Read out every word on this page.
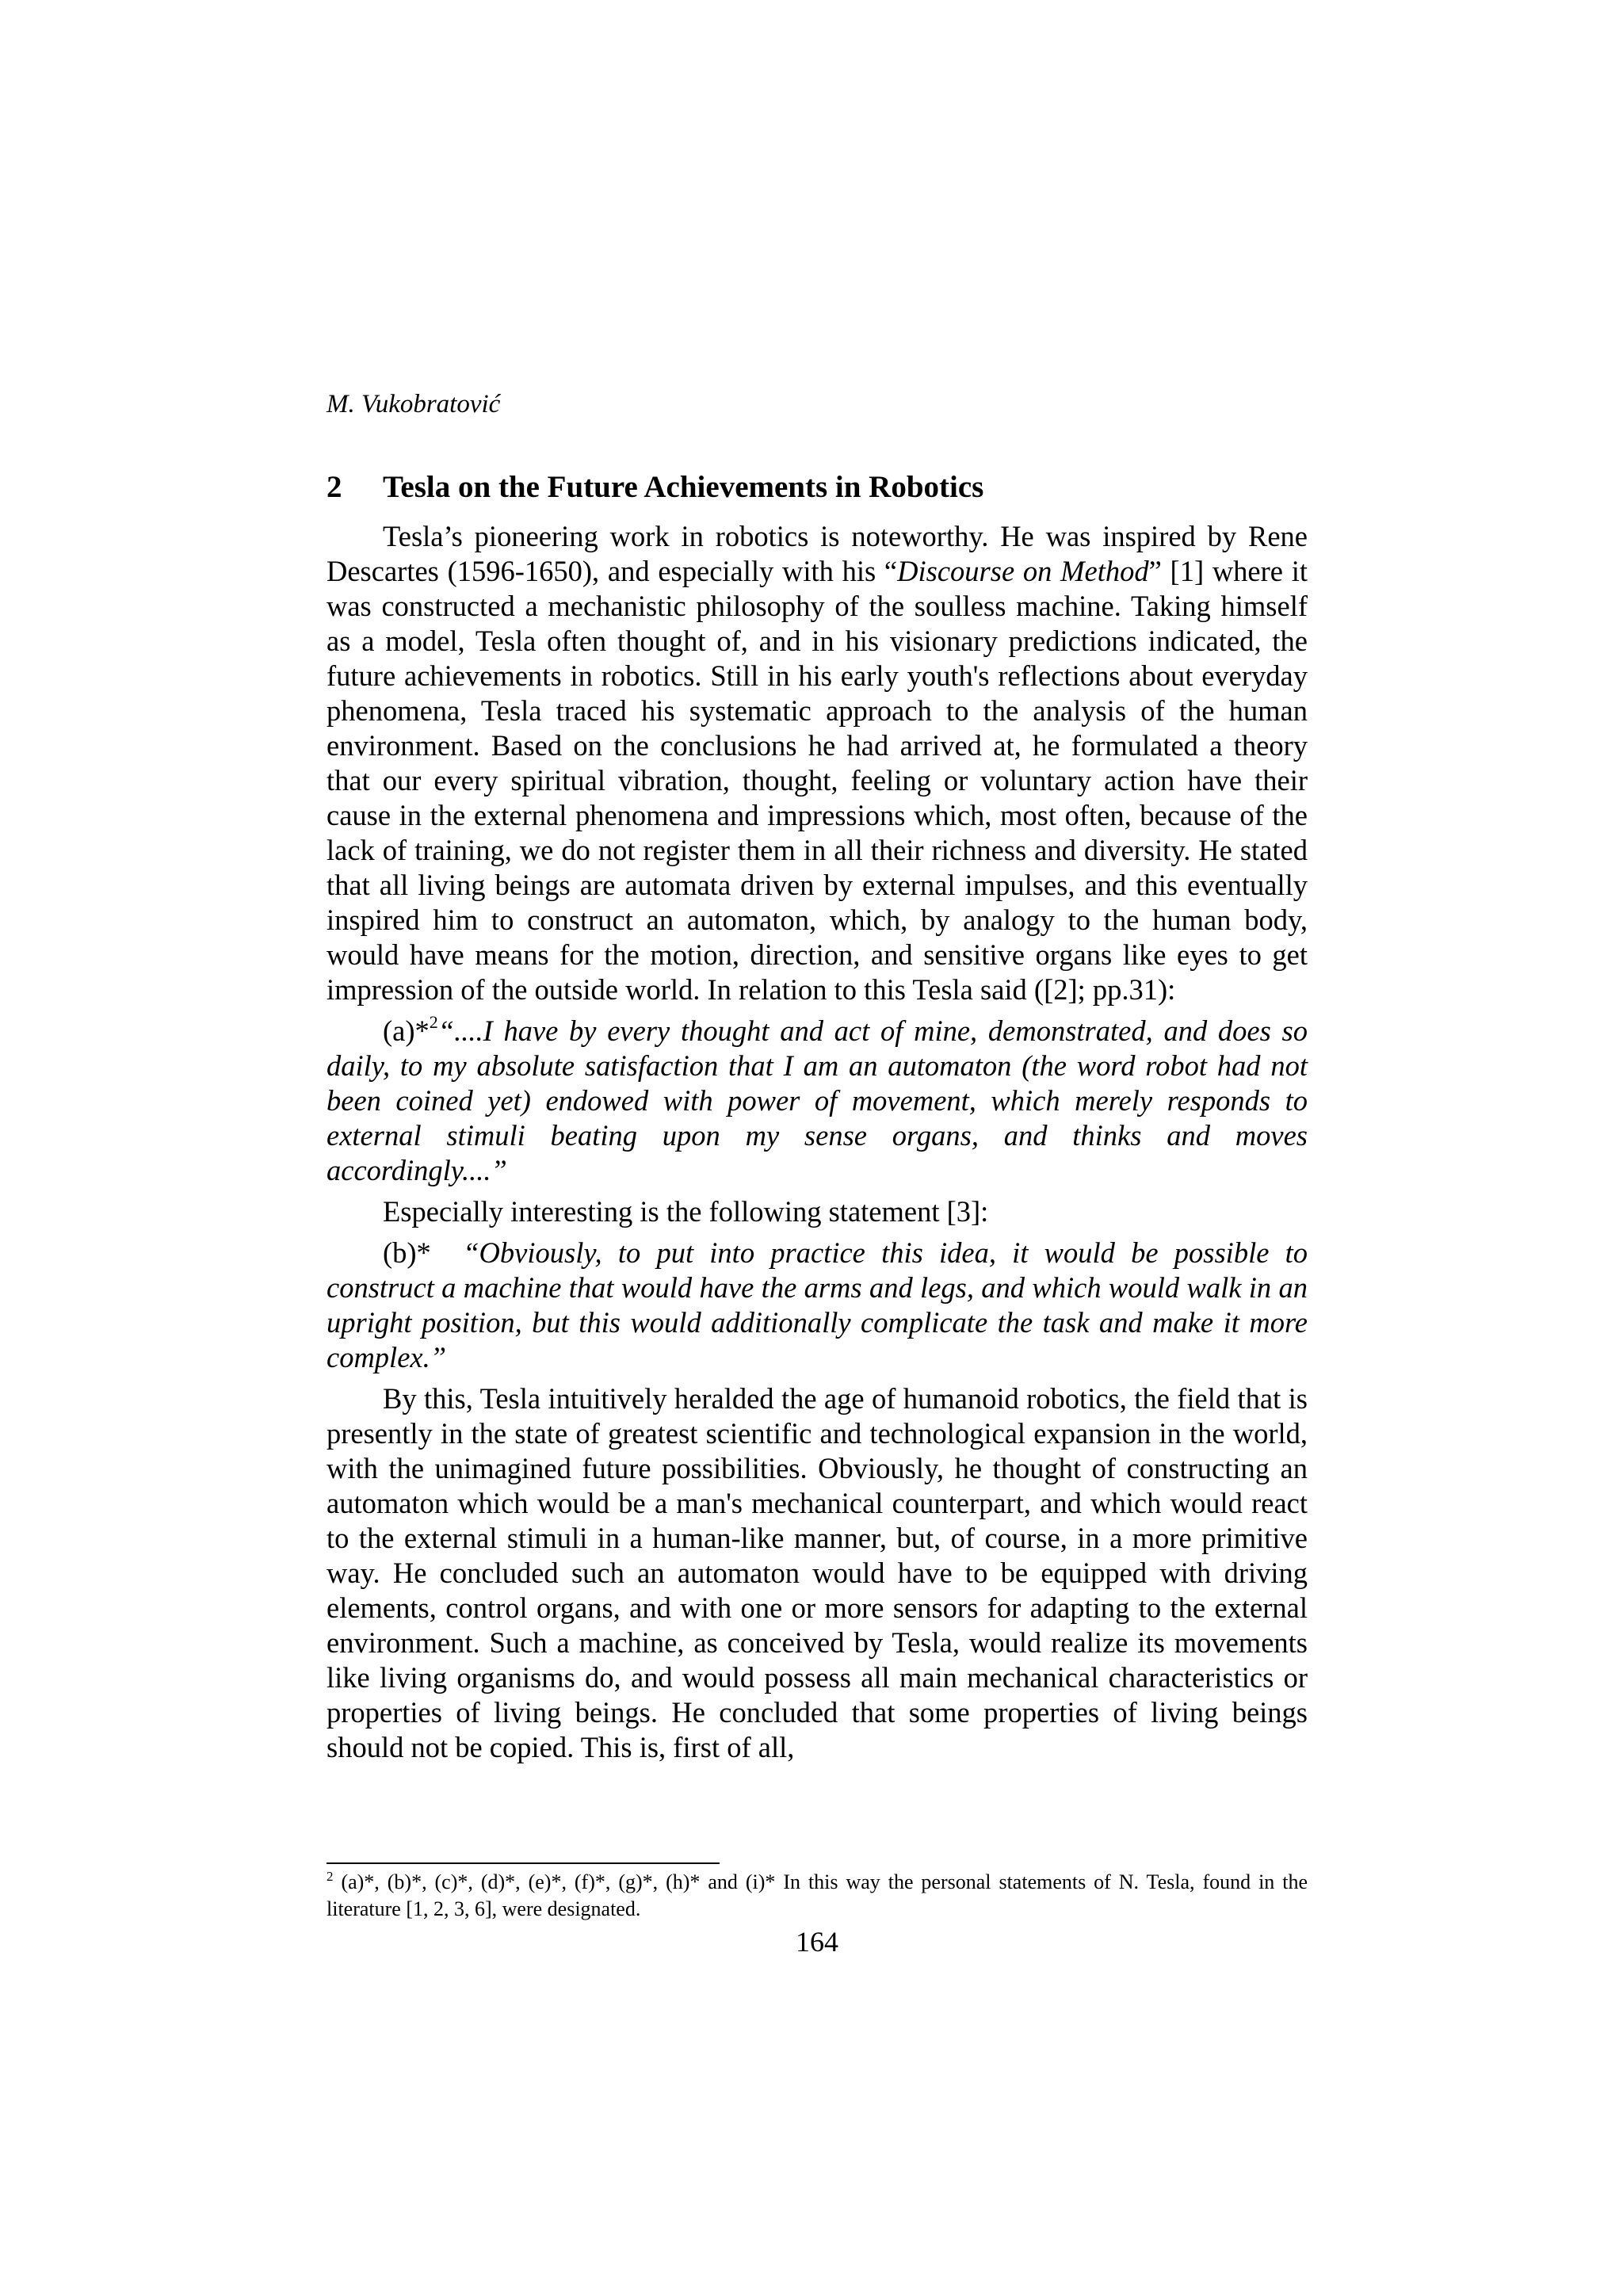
M. Vukobratović
2 Tesla on the Future Achievements in Robotics

Tesla’s pioneering work in robotics is noteworthy. He was inspired by Rene Descartes (1596-1650), and especially with his “Discourse on Method” [1] where it was constructed a mechanistic philosophy of the soulless machine. Taking himself as a model, Tesla often thought of, and in his visionary predictions indicated, the future achievements in robotics. Still in his early youth's reflections about everyday phenomena, Tesla traced his systematic approach to the analysis of the human environment. Based on the conclusions he had arrived at, he formulated a theory that our every spiritual vibration, thought, feeling or voluntary action have their cause in the external phenomena and impressions which, most often, because of the lack of training, we do not register them in all their richness and diversity. He stated that all living beings are automata driven by external impulses, and this eventually inspired him to construct an automaton, which, by analogy to the human body, would have means for the motion, direction, and sensitive organs like eyes to get impression of the outside world. In relation to this Tesla said ([2]; pp.31):

(a)*$^2$“....I have by every thought and act of mine, demonstrated, and does so daily, to my absolute satisfaction that I am an automaton (the word robot had not been coined yet) endowed with power of movement, which merely responds to external stimuli beating upon my sense organs, and thinks and moves accordingly....”

Especially interesting is the following statement [3]:

(b)* “Obviously, to put into practice this idea, it would be possible to construct a machine that would have the arms and legs, and which would walk in an upright position, but this would additionally complicate the task and make it more complex.”

By this, Tesla intuitively heralded the age of humanoid robotics, the field that is presently in the state of greatest scientific and technological expansion in the world, with the unimagined future possibilities. Obviously, he thought of constructing an automaton which would be a man's mechanical counterpart, and which would react to the external stimuli in a human-like manner, but, of course, in a more primitive way. He concluded such an automaton would have to be equipped with driving elements, control organs, and with one or more sensors for adapting to the external environment. Such a machine, as conceived by Tesla, would realize its movements like living organisms do, and would possess all main mechanical characteristics or properties of living beings. He concluded that some properties of living beings should not be copied. This is, first of all,

$^2$ (a)*, (b)*, (c)*, (d)*, (e)*, (f)*, (g)*, (h)* and (i)* In this way the personal statements of N. Tesla, found in the literature [1, 2, 3, 6], were designated.
164
